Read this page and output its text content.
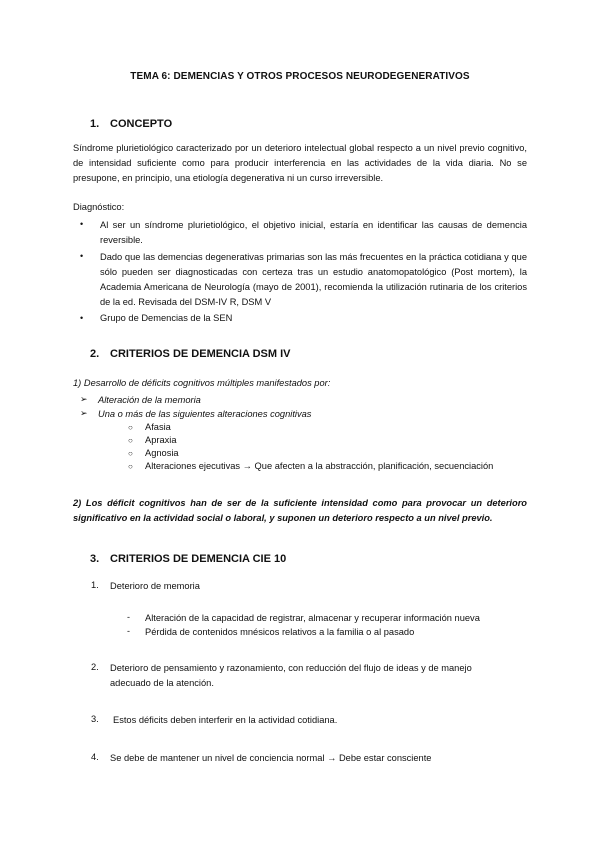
TEMA 6: DEMENCIAS Y OTROS PROCESOS NEURODEGENERATIVOS
1. CONCEPTO
Síndrome plurietiológico caracterizado por un deterioro intelectual global respecto a un nivel previo cognitivo, de intensidad suficiente como para producir interferencia en las actividades de la vida diaria. No se presupone, en principio, una etiología degenerativa ni un curso irreversible.
Diagnóstico:
• Al ser un síndrome plurietiológico, el objetivo inicial, estaría en identificar las causas de demencia reversible.
• Dado que las demencias degenerativas primarias son las más frecuentes en la práctica cotidiana y que sólo pueden ser diagnosticadas con certeza tras un estudio anatomopatológico (Post mortem), la Academia Americana de Neurología (mayo de 2001), recomienda la utilización rutinaria de los criterios de la ed. Revisada del DSM-IV R, DSM V
• Grupo de Demencias de la SEN
2. CRITERIOS DE DEMENCIA DSM IV
1) Desarrollo de déficits cognitivos múltiples manifestados por:
➢ Alteración de la memoria
➢ Una o más de las siguientes alteraciones cognitivas
○ Afasia
○ Apraxia
○ Agnosia
○ Alteraciones ejecutivas → Que afecten a la abstracción, planificación, secuenciación
2) Los déficit cognitivos han de ser de la suficiente intensidad como para provocar un deterioro significativo en la actividad social o laboral, y suponen un deterioro respecto a un nivel previo.
3. CRITERIOS DE DEMENCIA CIE 10
1. Deterioro de memoria
- Alteración de la capacidad de registrar, almacenar y recuperar información nueva
- Pérdida de contenidos mnésicos relativos a la familia o al pasado
2. Deterioro de pensamiento y razonamiento, con reducción del flujo de ideas y de manejo adecuado de la atención.
3. Estos déficits deben interferir en la actividad cotidiana.
4. Se debe de mantener un nivel de conciencia normal → Debe estar consciente
